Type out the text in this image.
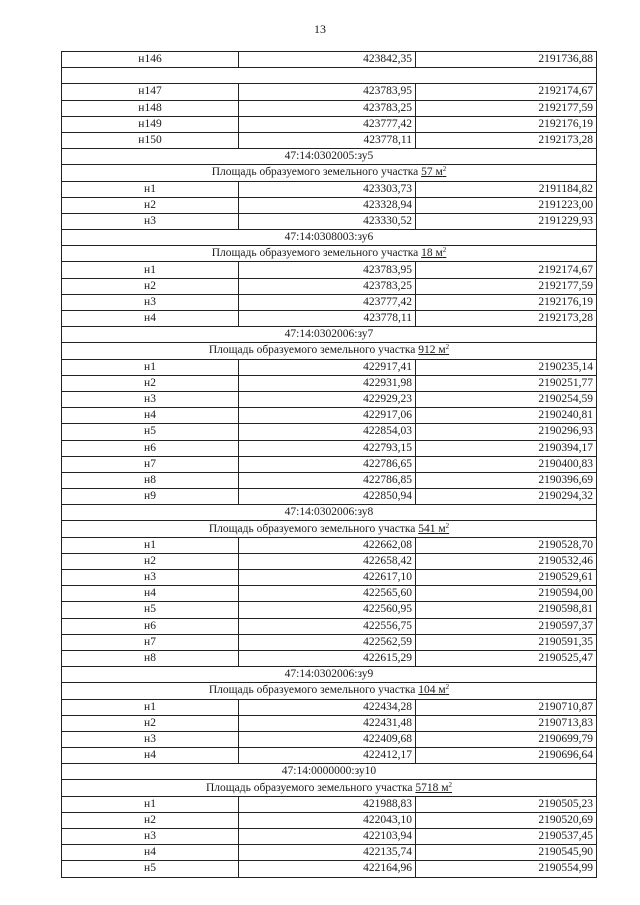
13
н146	423842,35	2191736,88

н147	423783,95	2192174,67
н148	423783,25	2192177,59
н149	423777,42	2192176,19
н150	423778,11	2192173,28
47:14:0302005:зу5		
Площадь образуемого земельного участка 57 $м^2$
н1	423303,73	2191184,82
н2	423328,94	2191223,00
н3	423330,52	2191229,93
47:14:0308003:зу6		
Площадь образуемого земельного участка 18 $м^2$
н1	423783,95	2192174,67
н2	423783,25	2192177,59
н3	423777,42	2192176,19
н4	423778,11	2192173,28
47:14:0302006:зу7		
Площадь образуемого земельного участка 912 $м^2$
н1	422917,41	2190235,14
н2	422931,98	2190251,77
н3	422929,23	2190254,59
н4	422917,06	2190240,81
н5	422854,03	2190296,93
н6	422793,15	2190394,17
н7	422786,65	2190400,83
н8	422786,85	2190396,69
н9	422850,94	2190294,32
47:14:0302006:зу8		
Площадь образуемого земельного участка 541 $м^2$
н1	422662,08	2190528,70
н2	422658,42	2190532,46
н3	422617,10	2190529,61
н4	422565,60	2190594,00
н5	422560,95	2190598,81
н6	422556,75	2190597,37
н7	422562,59	2190591,35
н8	422615,29	2190525,47
47:14:0302006:зу9		
Площадь образуемого земельного участка 104 $м^2$
н1	422434,28	2190710,87
н2	422431,48	2190713,83
н3	422409,68	2190699,79
н4	422412,17	2190696,64
47:14:0000000:зу10		
Площадь образуемого земельного участка 5718 $м^2$
н1	421988,83	2190505,23
н2	422043,10	2190520,69
н3	422103,94	2190537,45
н4	422135,74	2190545,90
н5	422164,96	2190554,99
